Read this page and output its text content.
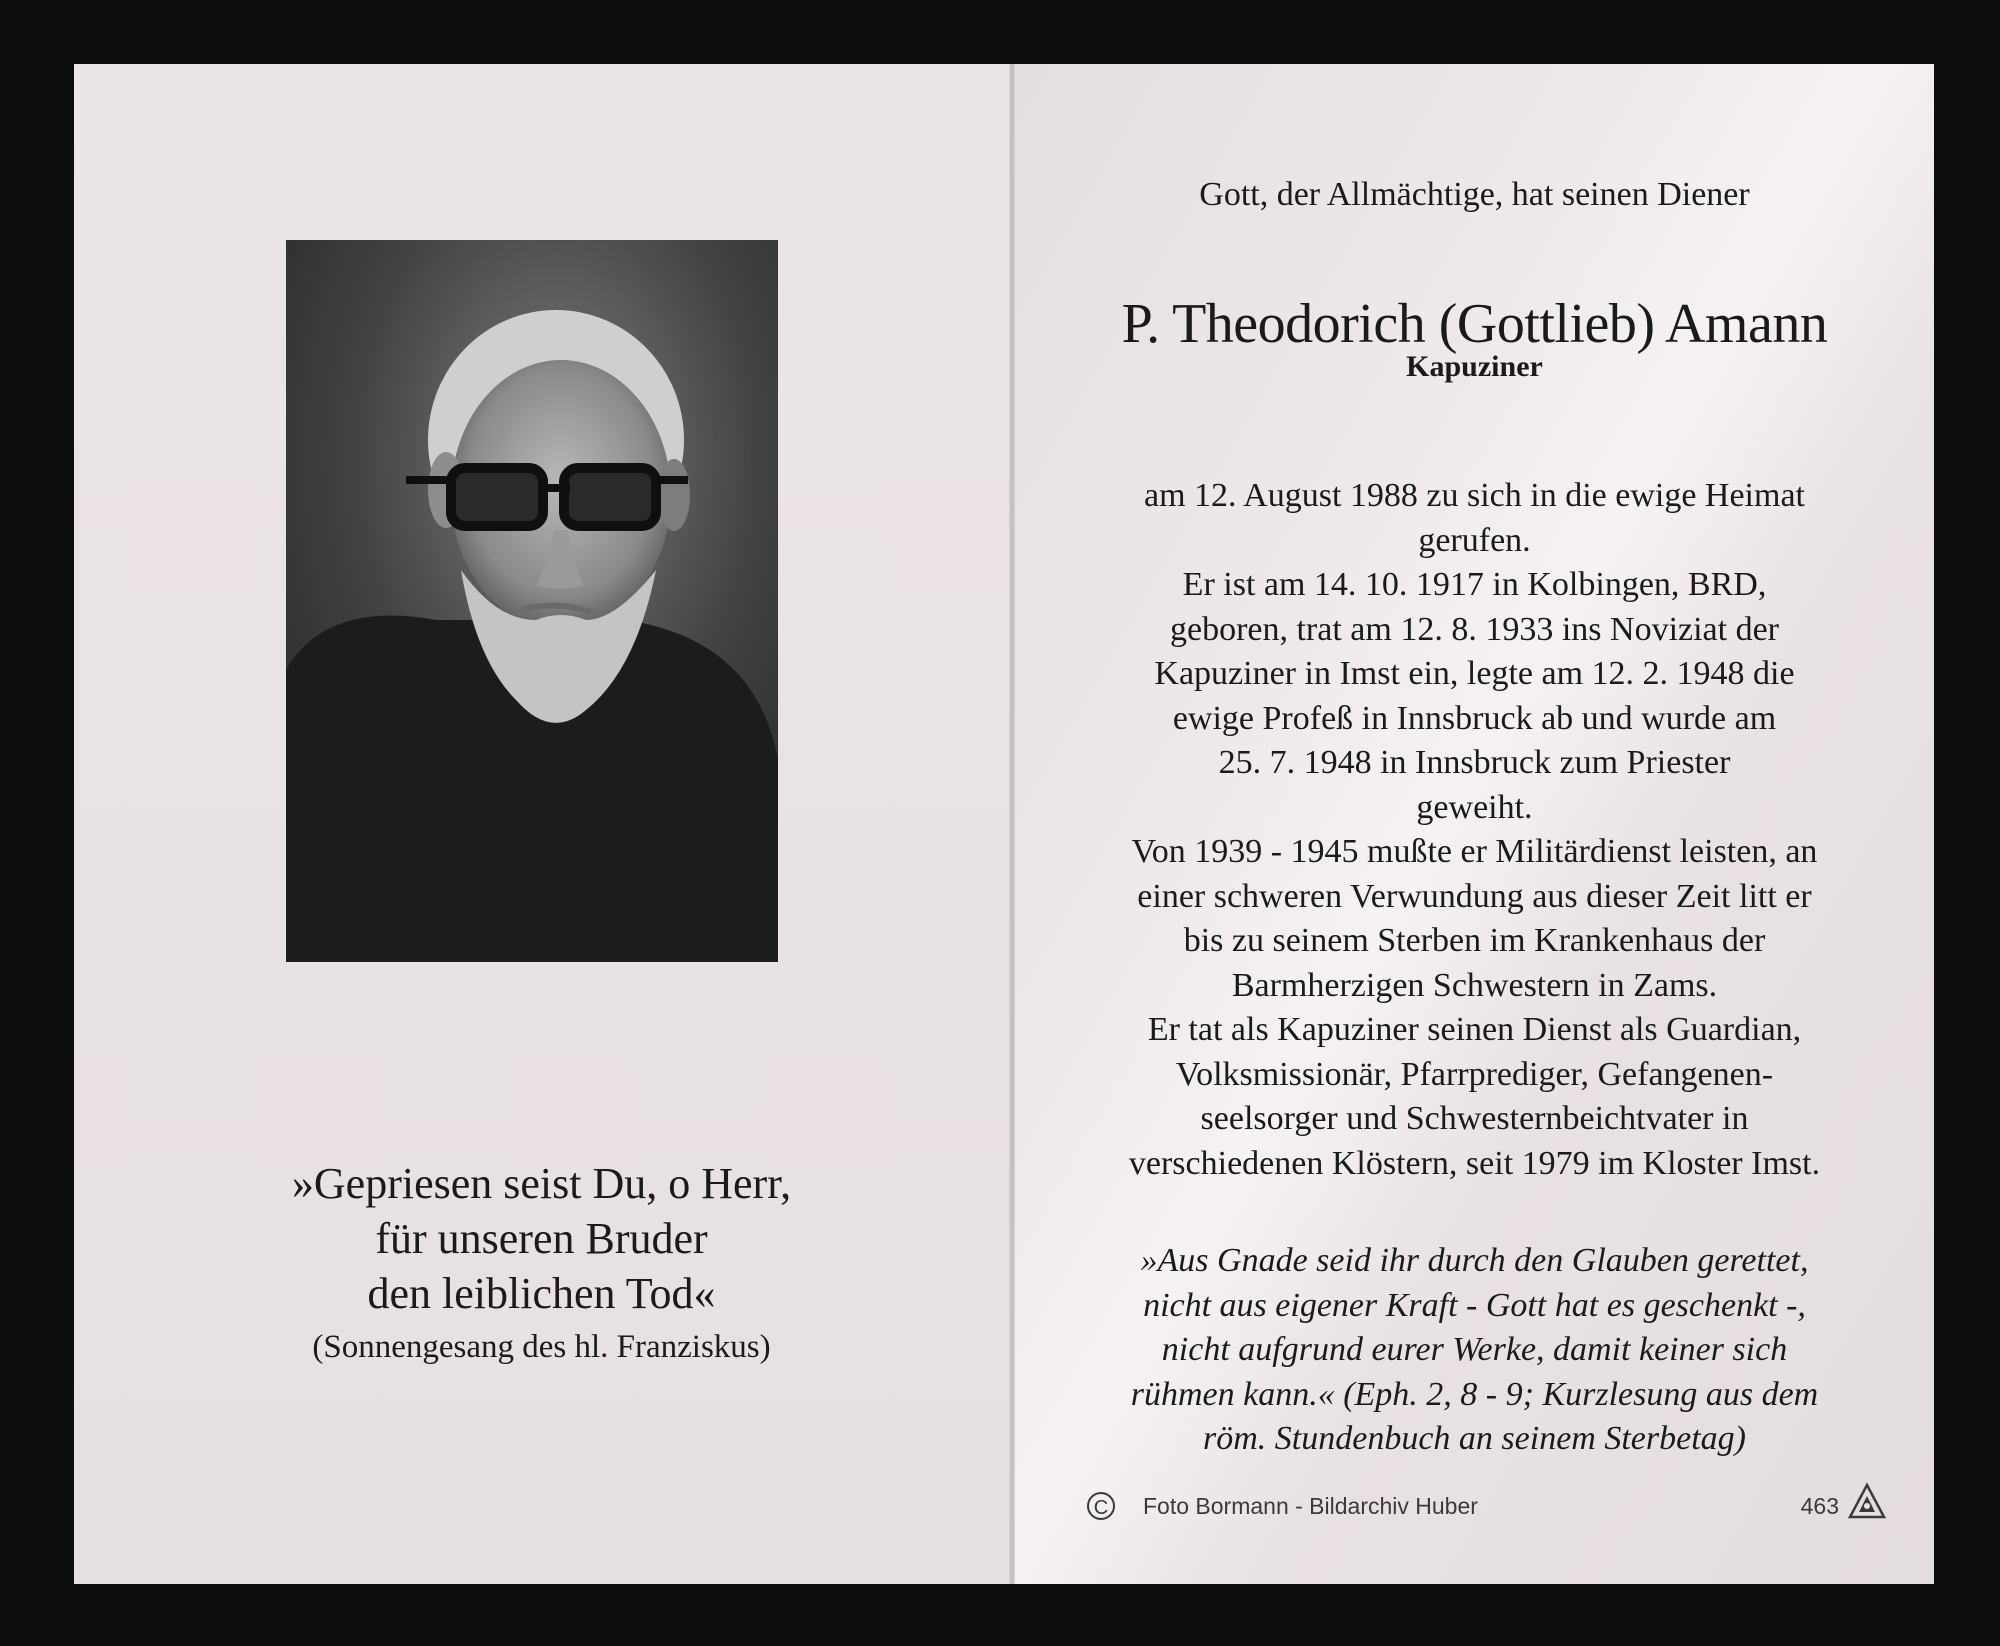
»Gepriesen seist Du, o Herr,
für unseren Bruder
den leiblichen Tod«
(Sonnengesang des hl. Franziskus)
Gott, der Allmächtige, hat seinen Diener
P. Theodorich (Gottlieb) Amann
Kapuziner

am 12. August 1988 zu sich in die ewige Heimat

gerufen.

Er ist am 14. 10. 1917 in Kolbingen, BRD,

geboren, trat am 12. 8. 1933 ins Noviziat der

Kapuziner in Imst ein, legte am 12. 2. 1948 die

ewige Profeß in Innsbruck ab und wurde am

25. 7. 1948 in Innsbruck zum Priester

geweiht.

Von 1939 - 1945 mußte er Militärdienst leisten, an

einer schweren Verwundung aus dieser Zeit litt er

bis zu seinem Sterben im Krankenhaus der

Barmherzigen Schwestern in Zams.

Er tat als Kapuziner seinen Dienst als Guardian,

Volksmissionär, Pfarrprediger, Gefangenen-

seelsorger und Schwesternbeichtvater in

verschiedenen Klöstern, seit 1979 im Kloster Imst.

»Aus Gnade seid ihr durch den Glauben gerettet,

nicht aus eigener Kraft - Gott hat es geschenkt -,

nicht aufgrund eurer Werke, damit keiner sich

rühmen kann.« (Eph. 2, 8 - 9; Kurzlesung aus dem

röm. Stundenbuch an seinem Sterbetag)

C Foto Bormann - Bildarchiv Huber	463
